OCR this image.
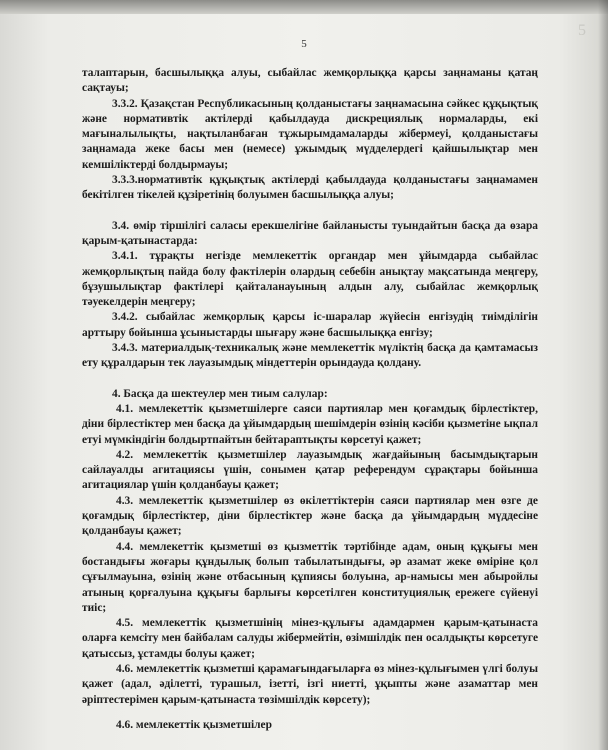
5
5

талаптарын, басшылыққа алуы, сыбайлас жемқорлыққа қарсы заңнаманы қатаң сақтауы;

3.3.2. Қазақстан Республикасының қолданыстағы заңнамасына сәйкес құқықтық және нормативтік актілерді қабылдауда дискрециялық нормаларды, екі мағыналылықты, нақтыланбаған тұжырымдамаларды жібермеуі, қолданыстағы заңнамада жеке басы мен (немесе) ұжымдық мүдделердегі қайшылықтар мен кемшіліктерді болдырмауы;

3.3.3.нормативтік құқықтық актілерді қабылдауда қолданыстағы заңнамамен бекітілген тікелей құзіретінің болуымен басшылыққа алуы;

3.4. өмір тіршілігі саласы ерекшелігіне байланысты туындайтын басқа да өзара қарым-қатынастарда:

3.4.1. тұрақты негізде мемлекеттік органдар мен ұйымдарда сыбайлас жемқорлықтың пайда болу фактілерін олардың себебін анықтау мақсатында меңгеру, бұзушылықтар фактілері қайталанауының алдын алу, сыбайлас жемқорлық тәуекелдерін меңгеру;

3.4.2. сыбайлас жемқорлық қарсы іс-шаралар жүйесін енгізудің тиімділігін арттыру бойынша ұсыныстарды шығару және басшылыққа енгізу;

3.4.3. материалдық-техникалық және мемлекеттік мүліктің басқа да қамтамасыз ету құралдарын тек лауазымдық міндеттерін орындауда қолдану.

4. Басқа да шектеулер мен тиым салулар:

4.1. мемлекеттік қызметшілерге саяси партиялар мен қоғамдық бірлестіктер, діни бірлестіктер мен басқа да ұйымдардың шешімдерін өзінің кәсіби қызметіне ықпал етуі мүмкіндігін болдыртпайтын бейтараптықты көрсетуі қажет;

4.2. мемлекеттік қызметшілер лауазымдық жағдайының басымдықтарын сайлауалды агитациясы үшін, сонымен қатар референдум сұрақтары бойынша агитациялар үшін қолданбауы қажет;

4.3. мемлекеттік қызметшілер өз өкілеттіктерін саяси партиялар мен өзге де қоғамдық бірлестіктер, діни бірлестіктер және басқа да ұйымдардың мүддесіне қолданбауы қажет;

4.4. мемлекеттік қызметші өз қызметтік тәртібінде адам, оның құқығы мен бостандығы жоғары құндылық болып табылатындығы, әр азамат жеке өміріне қол сұғылмауына, өзінің және отбасының құпиясы болуына, ар-намысы мен абыройлы атының қорғалуына құқығы барлығы көрсетілген конституциялық ережеге сүйенуі тиіс;

4.5. мемлекеттік қызметшінің мінез-құлығы адамдармен қарым-қатынаста оларға кемсіту мен байбалам салуды жібермейтін, өзімшілдік пен осалдықты көрсетуге қатыссыз, ұстамды болуы қажет;

4.6. мемлекеттік қызметші қарамағындағыларға өз мінез-құлығымен үлгі болуы қажет (адал, әділетті, турашыл, ізетті, ізгі ниетті, ұқыпты және азаматтар мен әріптестерімен қарым-қатынаста төзімшілдік көрсету);

4.6. мемлекеттік қызметшілер
